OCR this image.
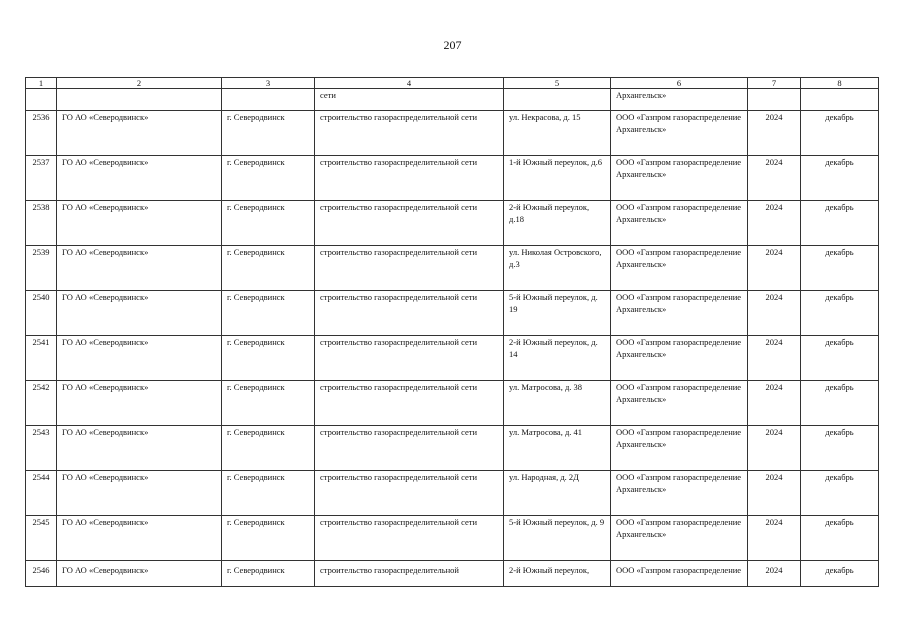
207
1	2	3	4	5	6	7	8
			сети		Архангельск»		
2536	ГО АО «Северодвинск»	г. Северодвинск	строительство газораспределительной сети	ул. Некрасова, д. 15	ООО «Газпром газораспределение Архангельск»	2024	декабрь
2537	ГО АО «Северодвинск»	г. Северодвинск	строительство газораспределительной сети	1-й Южный переулок, д.6	ООО «Газпром газораспределение Архангельск»	2024	декабрь
2538	ГО АО «Северодвинск»	г. Северодвинск	строительство газораспределительной сети	2-й Южный переулок, д.18	ООО «Газпром газораспределение Архангельск»	2024	декабрь
2539	ГО АО «Северодвинск»	г. Северодвинск	строительство газораспределительной сети	ул. Николая Островского, д.3	ООО «Газпром газораспределение Архангельск»	2024	декабрь
2540	ГО АО «Северодвинск»	г. Северодвинск	строительство газораспределительной сети	5-й Южный переулок, д. 19	ООО «Газпром газораспределение Архангельск»	2024	декабрь
2541	ГО АО «Северодвинск»	г. Северодвинск	строительство газораспределительной сети	2-й Южный переулок, д. 14	ООО «Газпром газораспределение Архангельск»	2024	декабрь
2542	ГО АО «Северодвинск»	г. Северодвинск	строительство газораспределительной сети	ул. Матросова, д. 38	ООО «Газпром газораспределение Архангельск»	2024	декабрь
2543	ГО АО «Северодвинск»	г. Северодвинск	строительство газораспределительной сети	ул. Матросова, д. 41	ООО «Газпром газораспределение Архангельск»	2024	декабрь
2544	ГО АО «Северодвинск»	г. Северодвинск	строительство газораспределительной сети	ул. Народная, д. 2Д	ООО «Газпром газораспределение Архангельск»	2024	декабрь
2545	ГО АО «Северодвинск»	г. Северодвинск	строительство газораспределительной сети	5-й Южный переулок, д. 9	ООО «Газпром газораспределение Архангельск»	2024	декабрь
2546	ГО АО «Северодвинск»	г. Северодвинск	строительство газораспределительной	2-й Южный переулок,	ООО «Газпром газораспределение	2024	декабрь
